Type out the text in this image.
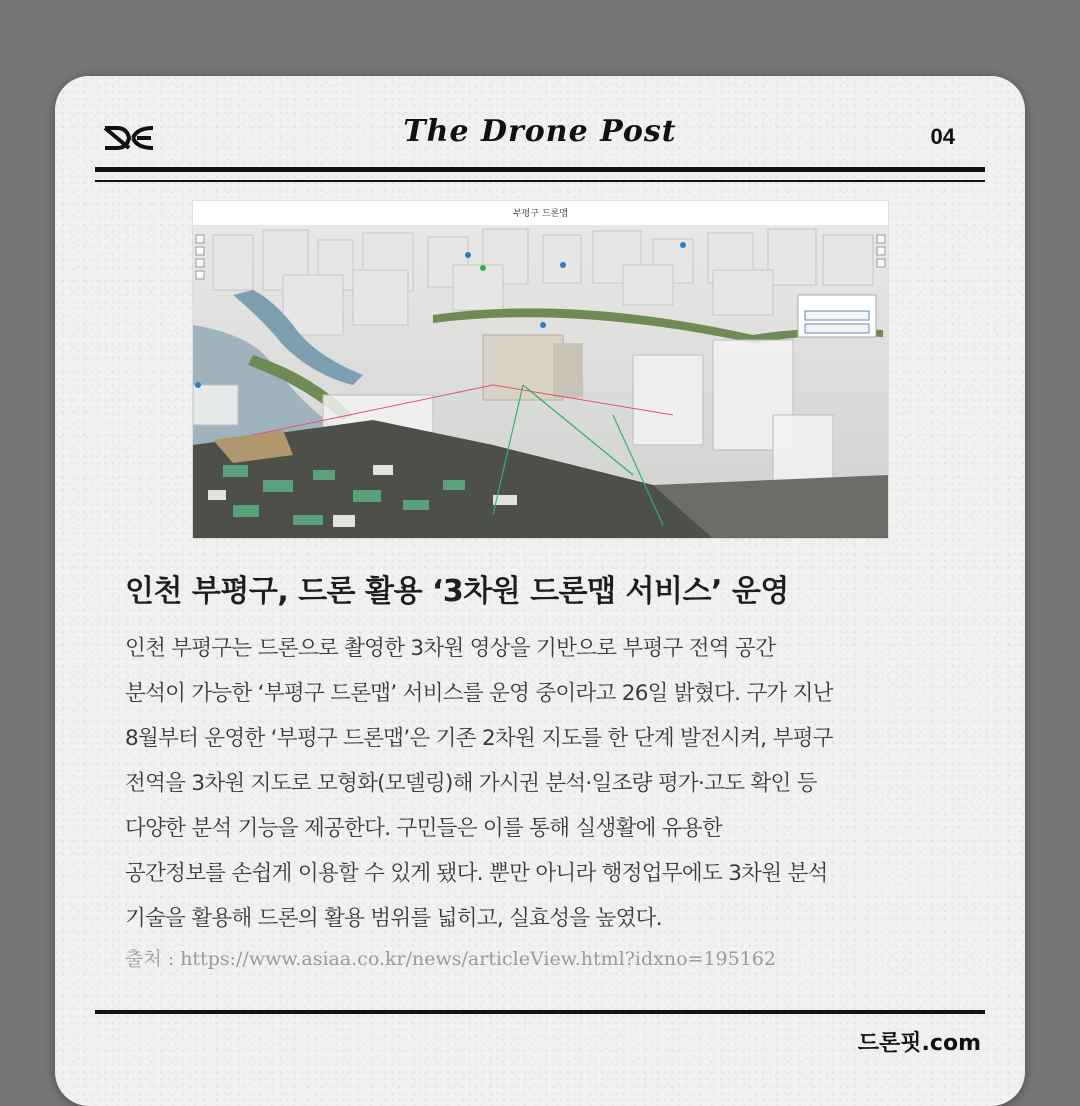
The Drone Post	04
부평구 드론맵
인천 부평구, 드론 활용 ‘3차원 드론맵 서비스’ 운영
인천 부평구는 드론으로 촬영한 3차원 영상을 기반으로 부평구 전역 공간
분석이 가능한 ‘부평구 드론맵’ 서비스를 운영 중이라고 26일 밝혔다. 구가 지난
8월부터 운영한 ‘부평구 드론맵’은 기존 2차원 지도를 한 단계 발전시켜, 부평구
전역을 3차원 지도로 모형화(모델링)해 가시권 분석·일조량 평가·고도 확인 등
다양한 분석 기능을 제공한다. 구민들은 이를 통해 실생활에 유용한
공간정보를 손쉽게 이용할 수 있게 됐다. 뿐만 아니라 행정업무에도 3차원 분석
기술을 활용해 드론의 활용 범위를 넓히고, 실효성을 높였다.
출처 : https://www.asiaa.co.kr/news/articleView.html?idxno=195162
드론핏.com
